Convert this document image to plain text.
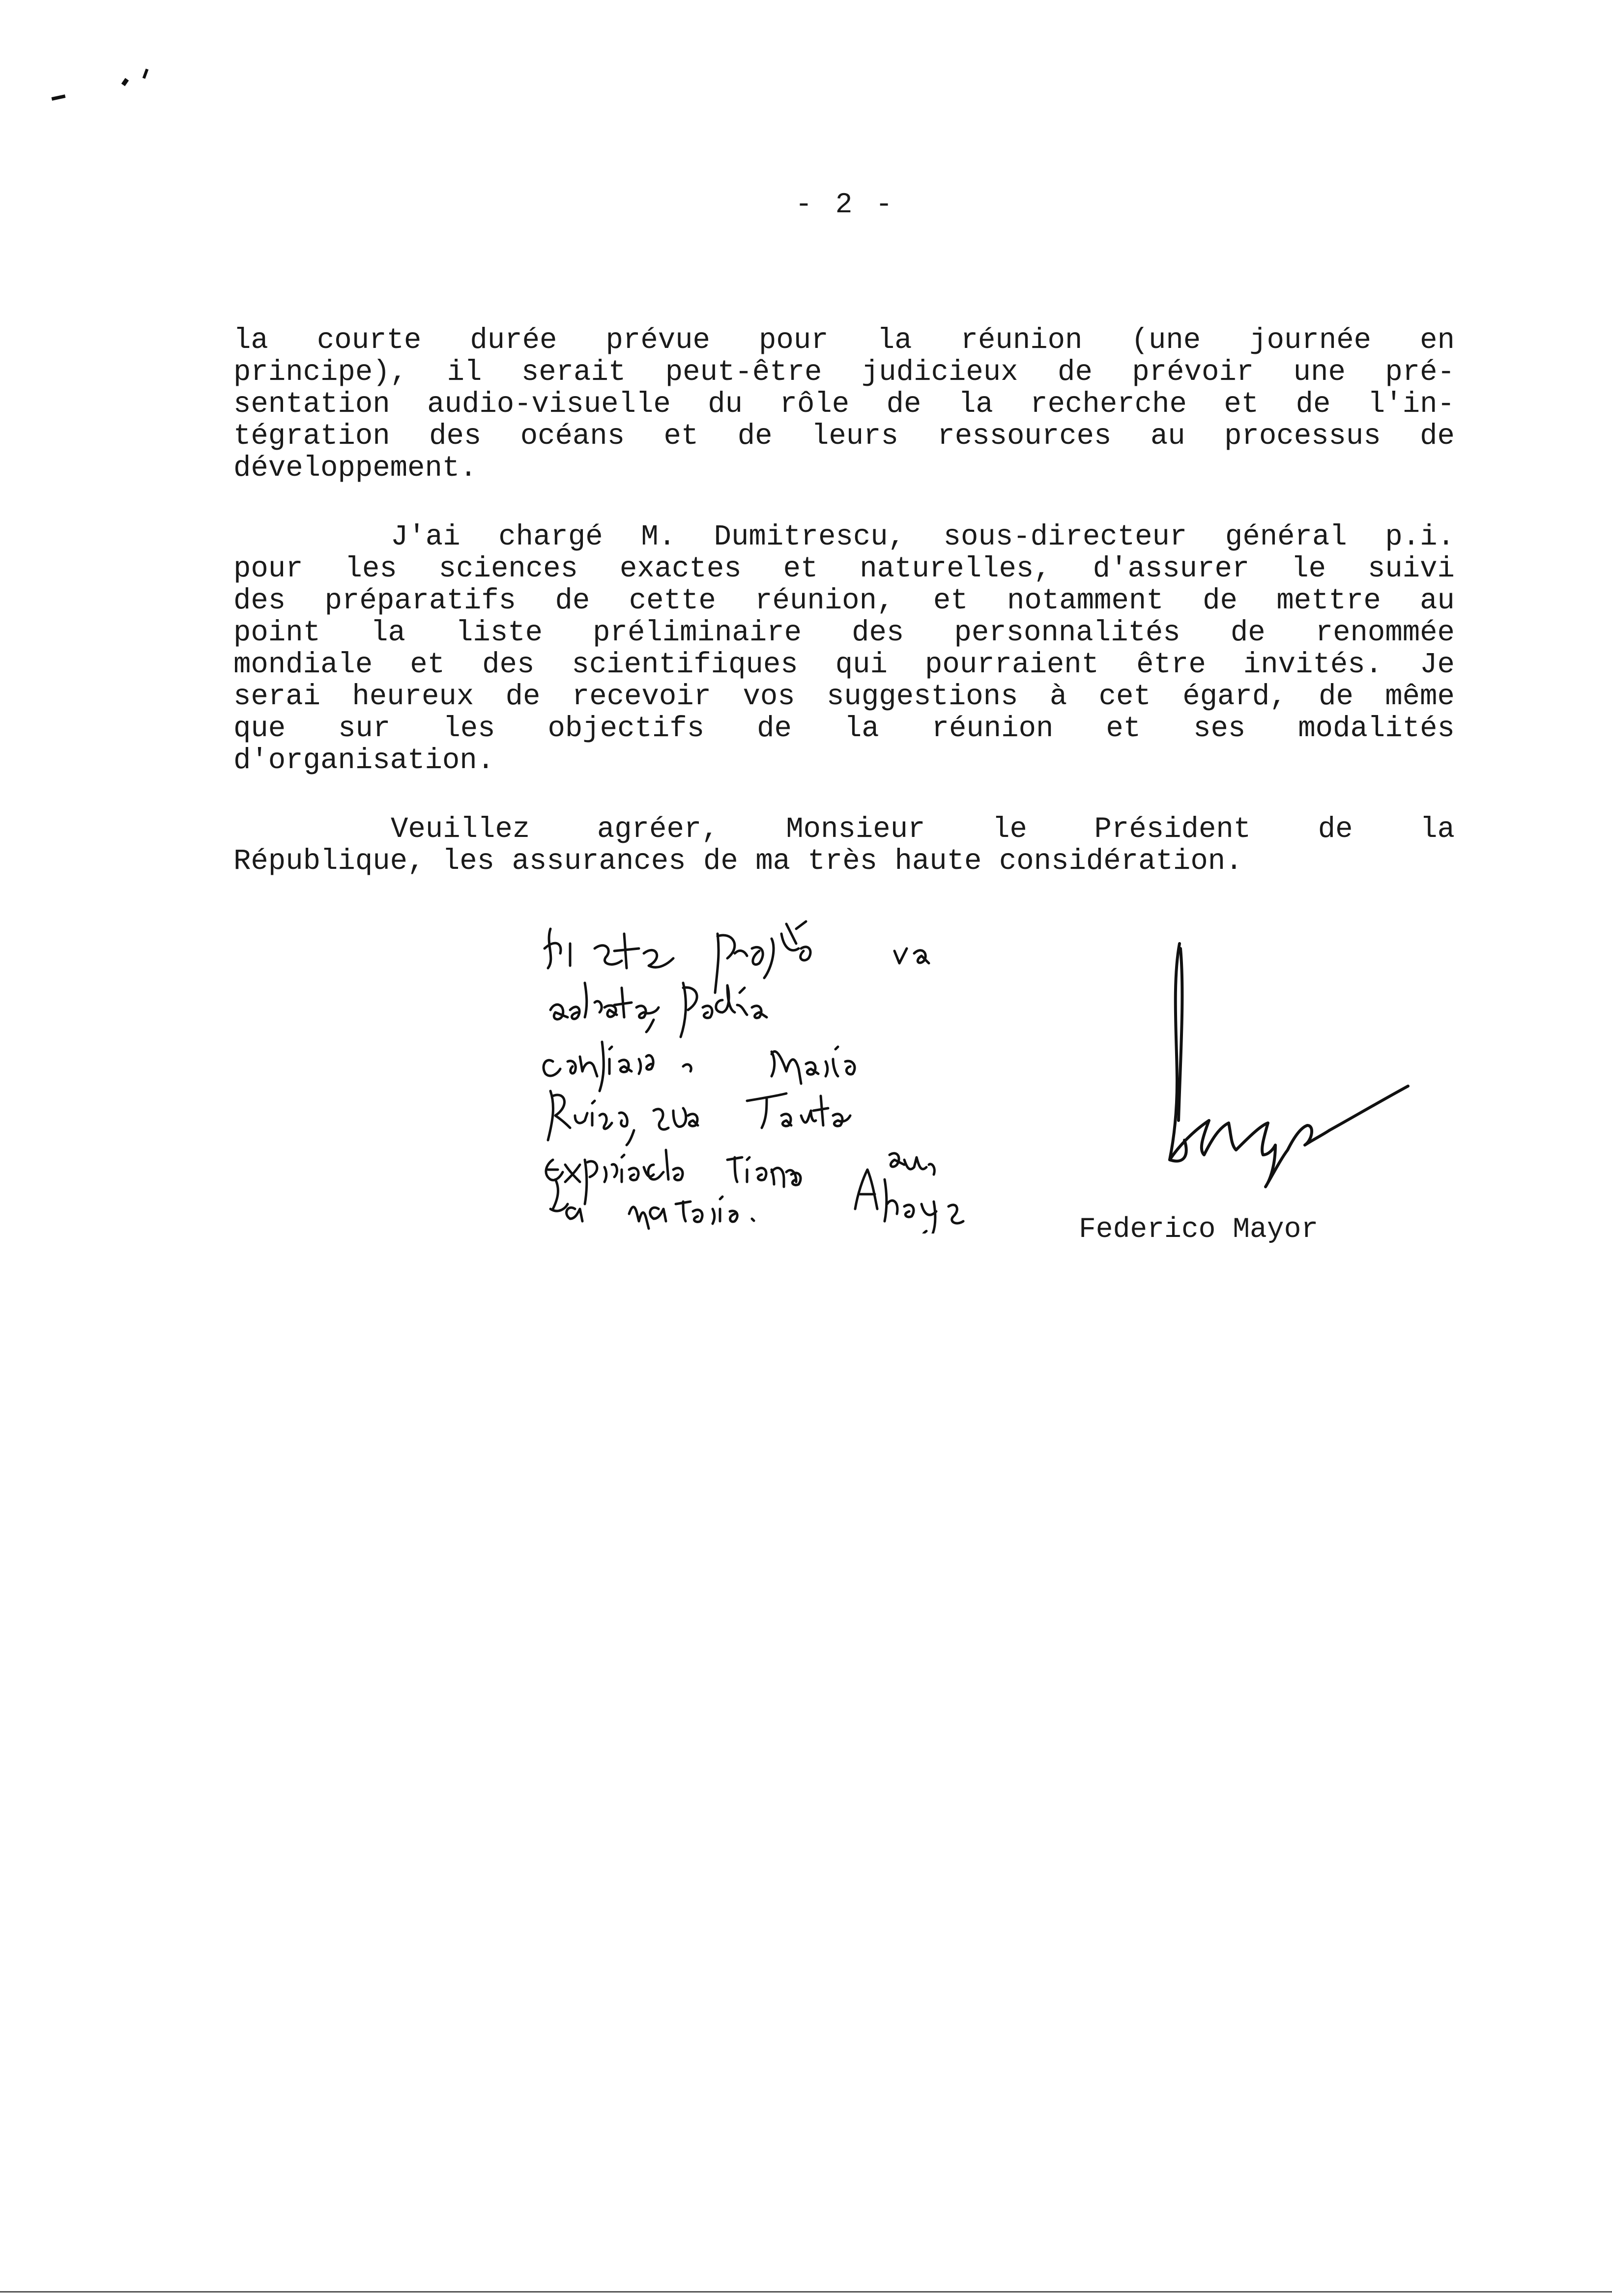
- 2 -
la courte durée prévue pour la réunion (une journée en
principe), il serait peut-être judicieux de prévoir une pré-
sentation audio-visuelle du rôle de la recherche et de l'in-
tégration des océans et de leurs ressources au processus de
développement.
J'ai chargé M. Dumitrescu, sous-directeur général p.i.
pour les sciences exactes et naturelles, d'assurer le suivi
des préparatifs de cette réunion, et notamment de mettre au
point la liste préliminaire des personnalités de renommée
mondiale et des scientifiques qui pourraient être invités. Je
serai heureux de recevoir vos suggestions à cet égard, de même
que sur les objectifs de la réunion et ses modalités
d'organisation.
Veuillez agréer, Monsieur le Président de la
République, les assurances de ma très haute considération.
Federico Mayor
